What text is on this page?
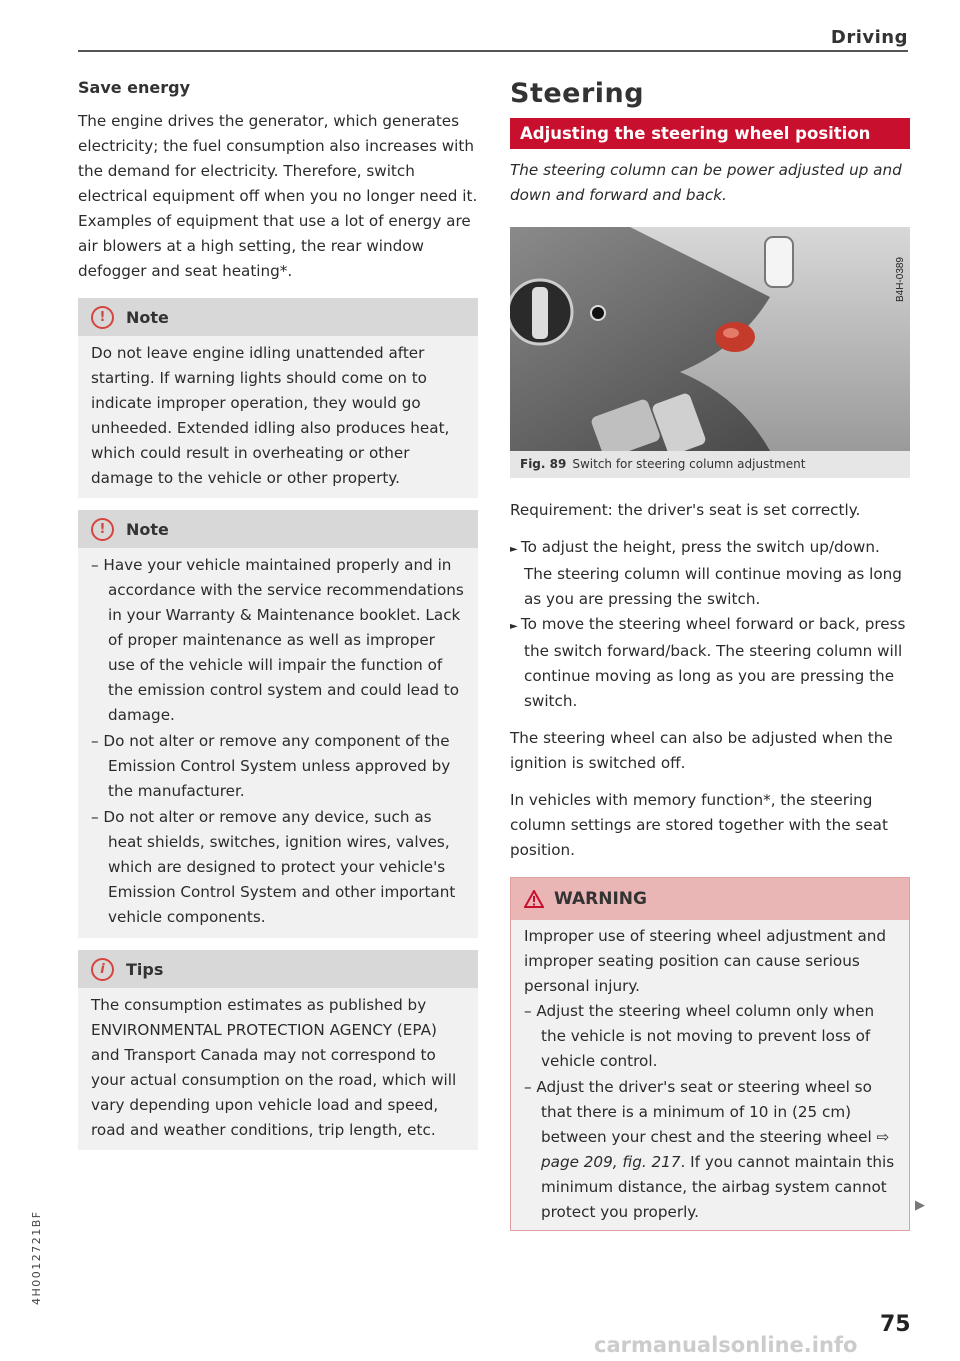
Driving
Save energy

The engine drives the generator, which generates electricity; the fuel consumption also increases with the demand for electricity. Therefore, switch electrical equipment off when you no longer need it. Examples of equipment that use a lot of energy are air blowers at a high setting, the rear window defogger and seat heating*.

!	Note
Do not leave engine idling unattended after starting. If warning lights should come on to indicate improper operation, they would go unheeded. Extended idling also produces heat, which could result in overheating or other damage to the vehicle or other property.
!	Note
– Have your vehicle maintained properly and in accordance with the service recommendations in your Warranty & Maintenance booklet. Lack of proper maintenance as well as improper use of the vehicle will impair the function of the emission control system and could lead to damage.
– Do not alter or remove any component of the Emission Control System unless approved by the manufacturer.
– Do not alter or remove any device, such as heat shields, switches, ignition wires, valves, which are designed to protect your vehicle's Emission Control System and other important vehicle components.
i	Tips
The consumption estimates as published by ENVIRONMENTAL PROTECTION AGENCY (EPA) and Transport Canada may not correspond to your actual consumption on the road, which will vary depending upon vehicle load and speed, road and weather conditions, trip length, etc.
Steering
Adjusting the steering wheel position

The steering column can be power adjusted up and down and forward and back.

B4H-0389
Fig. 89 Switch for steering column adjustment

Requirement: the driver's seat is set correctly.

► To adjust the height, press the switch up/down. The steering column will continue moving as long as you are pressing the switch.
► To move the steering wheel forward or back, press the switch forward/back. The steering column will continue moving as long as you are pressing the switch.

The steering wheel can also be adjusted when the ignition is switched off.

In vehicles with memory function*, the steering column settings are stored together with the seat position.

WARNING
Improper use of steering wheel adjustment and improper seating position can cause serious personal injury.
– Adjust the steering wheel column only when the vehicle is not moving to prevent loss of vehicle control.
– Adjust the driver's seat or steering wheel so that there is a minimum of 10 in (25 cm) between your chest and the steering wheel ⇨ page 209, fig. 217. If you cannot maintain this minimum distance, the airbag system cannot protect you properly.	▶
75
4H0012721BF
carmanualsonline.info
